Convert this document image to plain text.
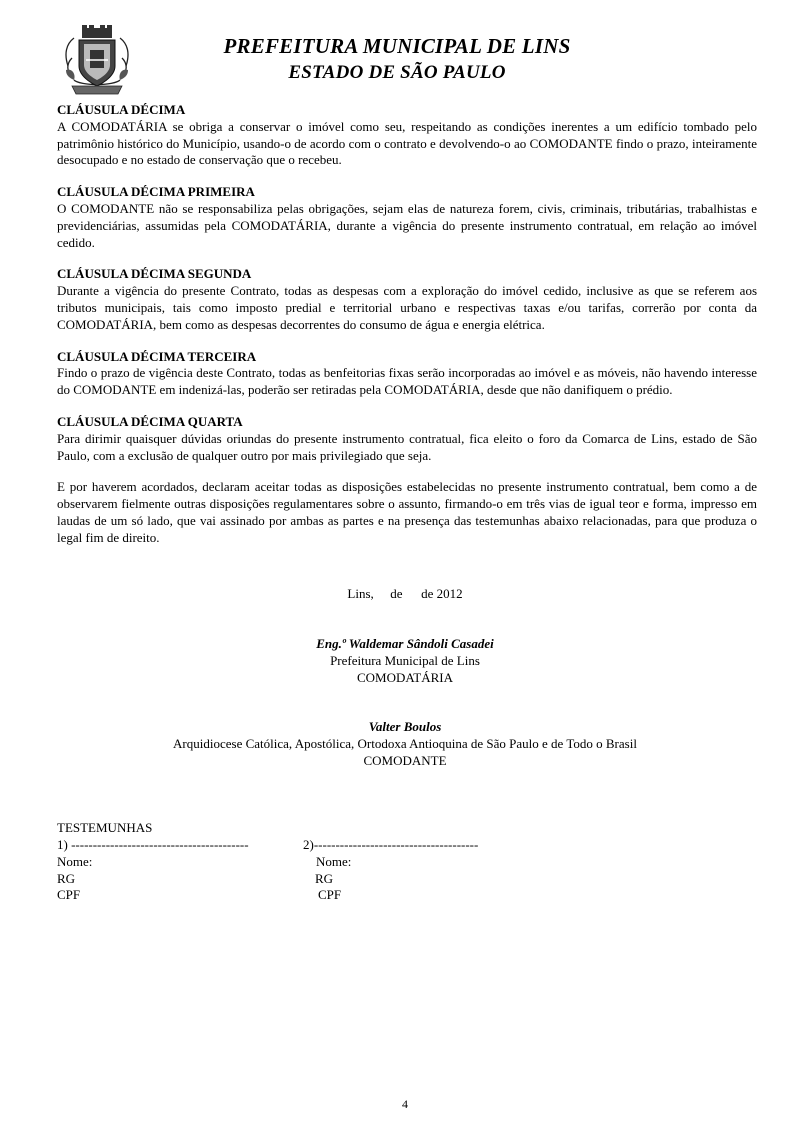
PREFEITURA MUNICIPAL DE LINS
ESTADO DE SÃO PAULO
CLÁUSULA DÉCIMA
A COMODATÁRIA se obriga a conservar o imóvel como seu, respeitando as condições inerentes a um edifício tombado pelo patrimônio histórico do Município, usando-o de acordo com o contrato e devolvendo-o ao COMODANTE findo o prazo, inteiramente desocupado e no estado de conservação que o recebeu.
CLÁUSULA DÉCIMA PRIMEIRA
O COMODANTE não se responsabiliza pelas obrigações, sejam elas de natureza forem, civis, criminais, tributárias, trabalhistas e previdenciárias, assumidas pela COMODATÁRIA, durante a vigência do presente instrumento contratual, em relação ao imóvel cedido.
CLÁUSULA DÉCIMA SEGUNDA
Durante a vigência do presente Contrato, todas as despesas com a exploração do imóvel cedido, inclusive as que se referem aos tributos municipais, tais como imposto predial e territorial urbano e respectivas taxas e/ou tarifas, correrão por conta da COMODATÁRIA, bem como as despesas decorrentes do consumo de água e energia elétrica.
CLÁUSULA DÉCIMA TERCEIRA
Findo o prazo de vigência deste Contrato, todas as benfeitorias fixas serão incorporadas ao imóvel e as móveis, não havendo interesse do COMODANTE em indenizá-las, poderão ser retiradas pela COMODATÁRIA, desde que não danifiquem o prédio.
CLÁUSULA DÉCIMA QUARTA
Para dirimir quaisquer dúvidas oriundas do presente instrumento contratual, fica eleito o foro da Comarca de Lins, estado de São Paulo, com a exclusão de qualquer outro por mais privilegiado que seja.

E por haverem acordados, declaram aceitar todas as disposições estabelecidas no presente instrumento contratual, bem como a de observarem fielmente outras disposições regulamentares sobre o assunto, firmando-o em três vias de igual teor e forma, impresso em laudas de um só lado, que vai assinado por ambas as partes e na presença das testemunhas abaixo relacionadas, para que produza o legal fim de direito.

Lins, de de 2012
Eng.º Waldemar Sândoli Casadei
Prefeitura Municipal de Lins
COMODATÁRIA
Valter Boulos
Arquidiocese Católica, Apostólica, Ortodoxa Antioquina de São Paulo e de Todo o Brasil
COMODANTE
TESTEMUNHAS
1) -----------------------------------------
Nome:
RG
CPF
2)--------------------------------------
Nome:
RG
CPF
4
